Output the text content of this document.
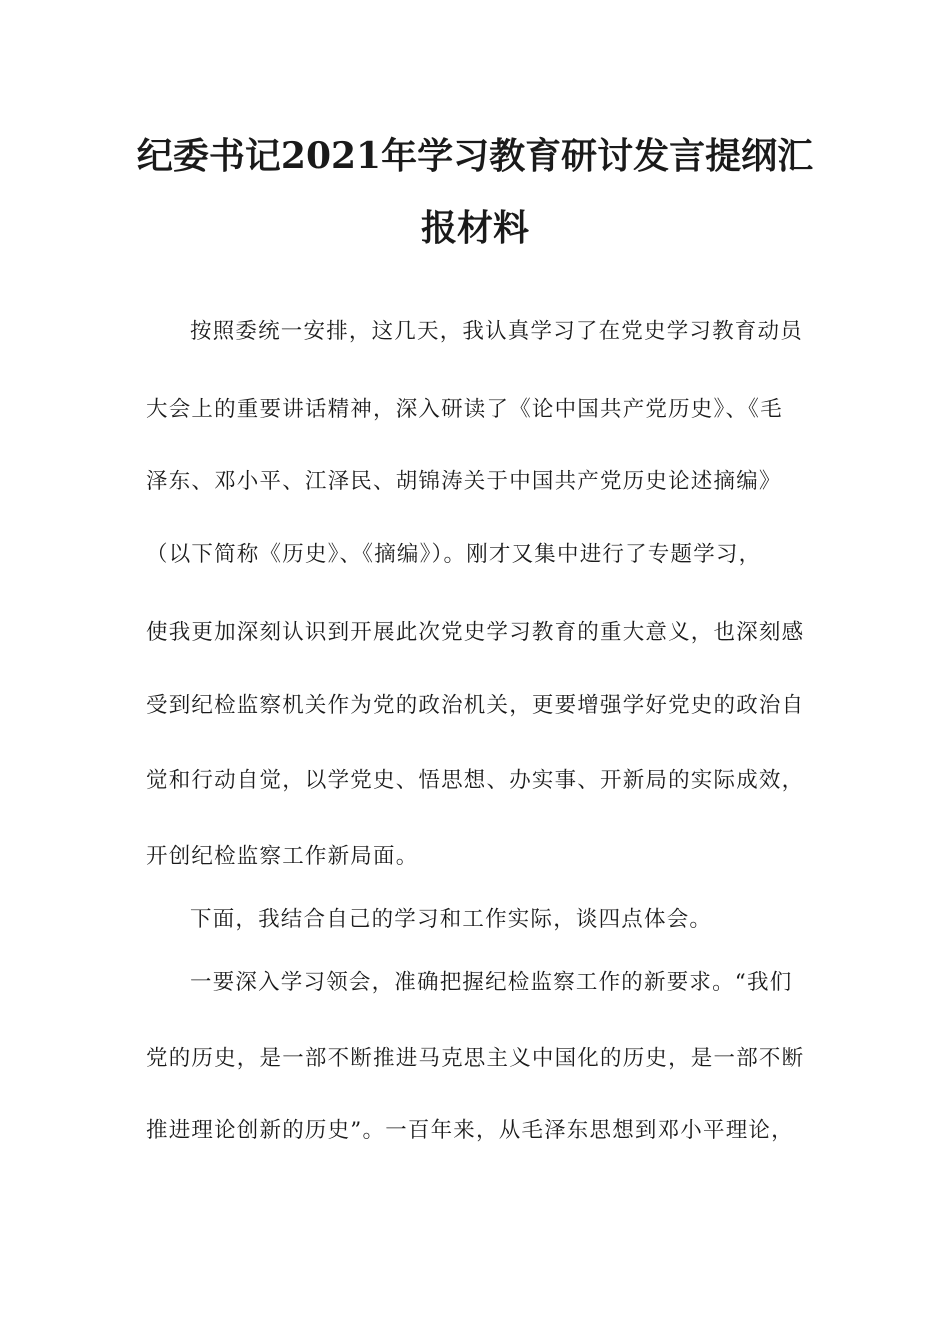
纪委书记2021年学习教育研讨发言提纲汇
报材料
按照委统一安排，这几天，我认真学习了在党史学习教育动员
大会上的重要讲话精神，深入研读了《论中国共产党历史》、《毛
泽东、邓小平、江泽民、胡锦涛关于中国共产党历史论述摘编》
（以下简称《历史》、《摘编》）。刚才又集中进行了专题学习，
使我更加深刻认识到开展此次党史学习教育的重大意义，也深刻感
受到纪检监察机关作为党的政治机关，更要增强学好党史的政治自
觉和行动自觉，以学党史、悟思想、办实事、开新局的实际成效，
开创纪检监察工作新局面。
下面，我结合自己的学习和工作实际，谈四点体会。
一要深入学习领会，准确把握纪检监察工作的新要求。“我们
党的历史，是一部不断推进马克思主义中国化的历史，是一部不断
推进理论创新的历史”。一百年来，从毛泽东思想到邓小平理论，
